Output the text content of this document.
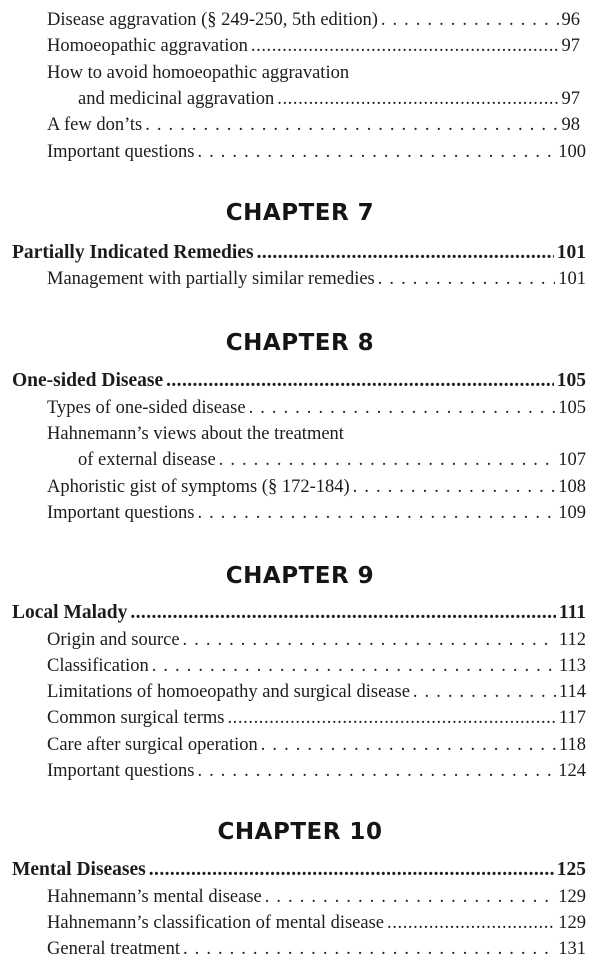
Disease aggravation (§ 249-250, 5th edition) . . .	96
Homoeopathic aggravation .....	97
How to avoid homoeopathic aggravation
and medicinal aggravation .....	97
A few don’ts . . .	98
Important questions . . .	100
CHAPTER 7
Partially Indicated Remedies .....	101
Management with partially similar remedies . . .	101
CHAPTER 8
One-sided Disease .....	105
Types of one-sided disease . . .	105
Hahnemann’s views about the treatment
of external disease . . .	107
Aphoristic gist of symptoms (§ 172-184) . . .	108
Important questions . . .	109
CHAPTER 9
Local Malady .....	111
Origin and source . . .	112
Classification . . .	113
Limitations of homoeopathy and surgical disease . . .	114
Common surgical terms .....	117
Care after surgical operation . . .	118
Important questions . . .	124
CHAPTER 10
Mental Diseases .....	125
Hahnemann’s mental disease . . .	129
Hahnemann’s classification of mental disease .....	129
General treatment . . .	131
